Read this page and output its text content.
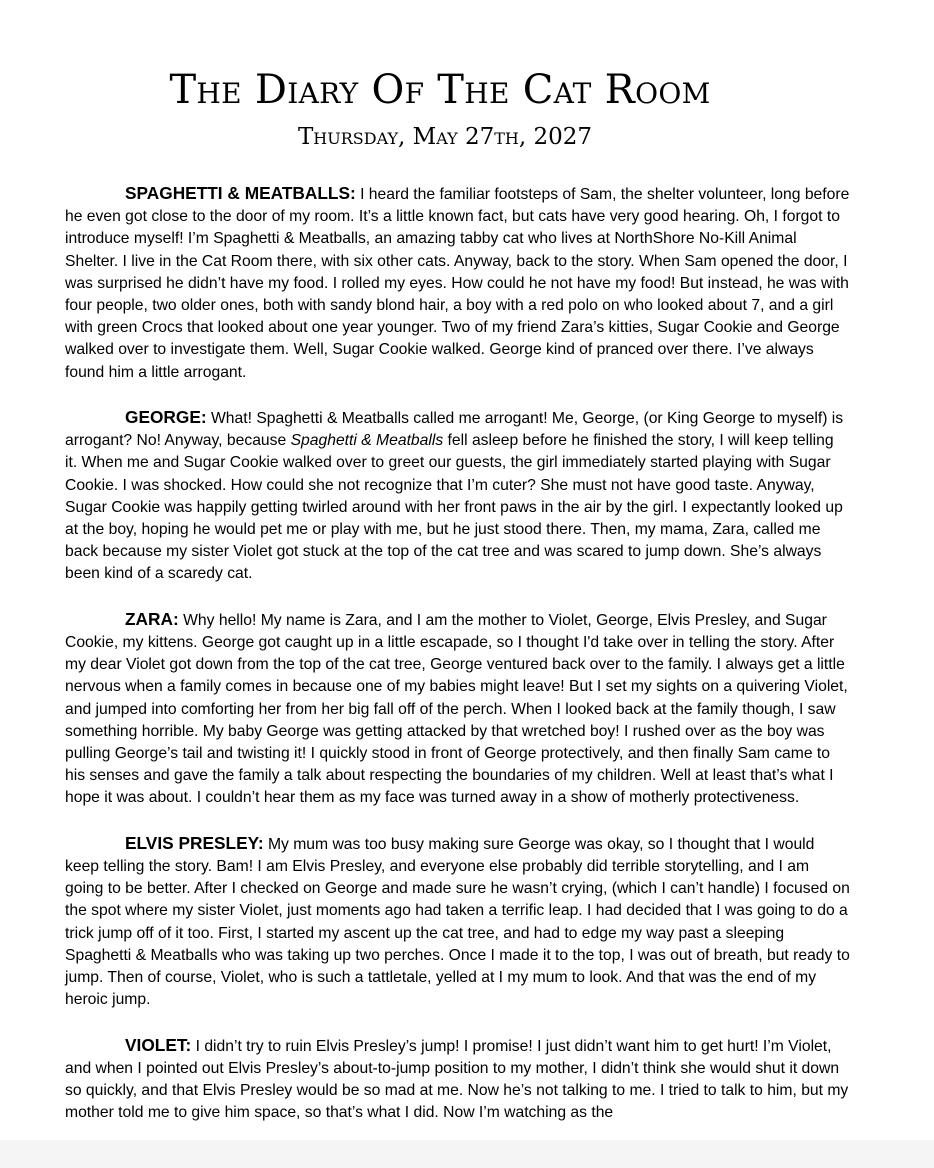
The Diary Of The Cat Room
Thursday, May 27th, 2027

SPAGHETTI & MEATBALLS: I heard the familiar footsteps of Sam, the shelter volunteer, long before he even got close to the door of my room. It’s a little known fact, but cats have very good hearing. Oh, I forgot to introduce myself! I’m Spaghetti & Meatballs, an amazing tabby cat who lives at NorthShore No-Kill Animal Shelter. I live in the Cat Room there, with six other cats. Anyway, back to the story. When Sam opened the door, I was surprised he didn’t have my food. I rolled my eyes. How could he not have my food! But instead, he was with four people, two older ones, both with sandy blond hair, a boy with a red polo on who looked about 7, and a girl with green Crocs that looked about one year younger. Two of my friend Zara’s kitties, Sugar Cookie and George walked over to investigate them. Well, Sugar Cookie walked. George kind of pranced over there. I’ve always found him a little arrogant.

GEORGE: What! Spaghetti & Meatballs called me arrogant! Me, George, (or King George to myself) is arrogant? No! Anyway, because Spaghetti & Meatballs fell asleep before he finished the story, I will keep telling it. When me and Sugar Cookie walked over to greet our guests, the girl immediately started playing with Sugar Cookie. I was shocked. How could she not recognize that I’m cuter? She must not have good taste. Anyway, Sugar Cookie was happily getting twirled around with her front paws in the air by the girl. I expectantly looked up at the boy, hoping he would pet me or play with me, but he just stood there. Then, my mama, Zara, called me back because my sister Violet got stuck at the top of the cat tree and was scared to jump down. She’s always been kind of a scaredy cat.

ZARA: Why hello! My name is Zara, and I am the mother to Violet, George, Elvis Presley, and Sugar Cookie, my kittens. George got caught up in a little escapade, so I thought I'd take over in telling the story. After my dear Violet got down from the top of the cat tree, George ventured back over to the family. I always get a little nervous when a family comes in because one of my babies might leave! But I set my sights on a quivering Violet, and jumped into comforting her from her big fall off of the perch. When I looked back at the family though, I saw something horrible. My baby George was getting attacked by that wretched boy! I rushed over as the boy was pulling George’s tail and twisting it! I quickly stood in front of George protectively, and then finally Sam came to his senses and gave the family a talk about respecting the boundaries of my children. Well at least that’s what I hope it was about. I couldn’t hear them as my face was turned away in a show of motherly protectiveness.

ELVIS PRESLEY: My mum was too busy making sure George was okay, so I thought that I would keep telling the story. Bam! I am Elvis Presley, and everyone else probably did terrible storytelling, and I am going to be better. After I checked on George and made sure he wasn’t crying, (which I can’t handle) I focused on the spot where my sister Violet, just moments ago had taken a terrific leap. I had decided that I was going to do a trick jump off of it too. First, I started my ascent up the cat tree, and had to edge my way past a sleeping Spaghetti & Meatballs who was taking up two perches. Once I made it to the top, I was out of breath, but ready to jump. Then of course, Violet, who is such a tattletale, yelled at I my mum to look. And that was the end of my heroic jump.

VIOLET: I didn’t try to ruin Elvis Presley’s jump! I promise! I just didn’t want him to get hurt! I’m Violet, and when I pointed out Elvis Presley’s about-to-jump position to my mother, I didn’t think she would shut it down so quickly, and that Elvis Presley would be so mad at me. Now he’s not talking to me. I tried to talk to him, but my mother told me to give him space, so that’s what I did. Now I’m watching as the
